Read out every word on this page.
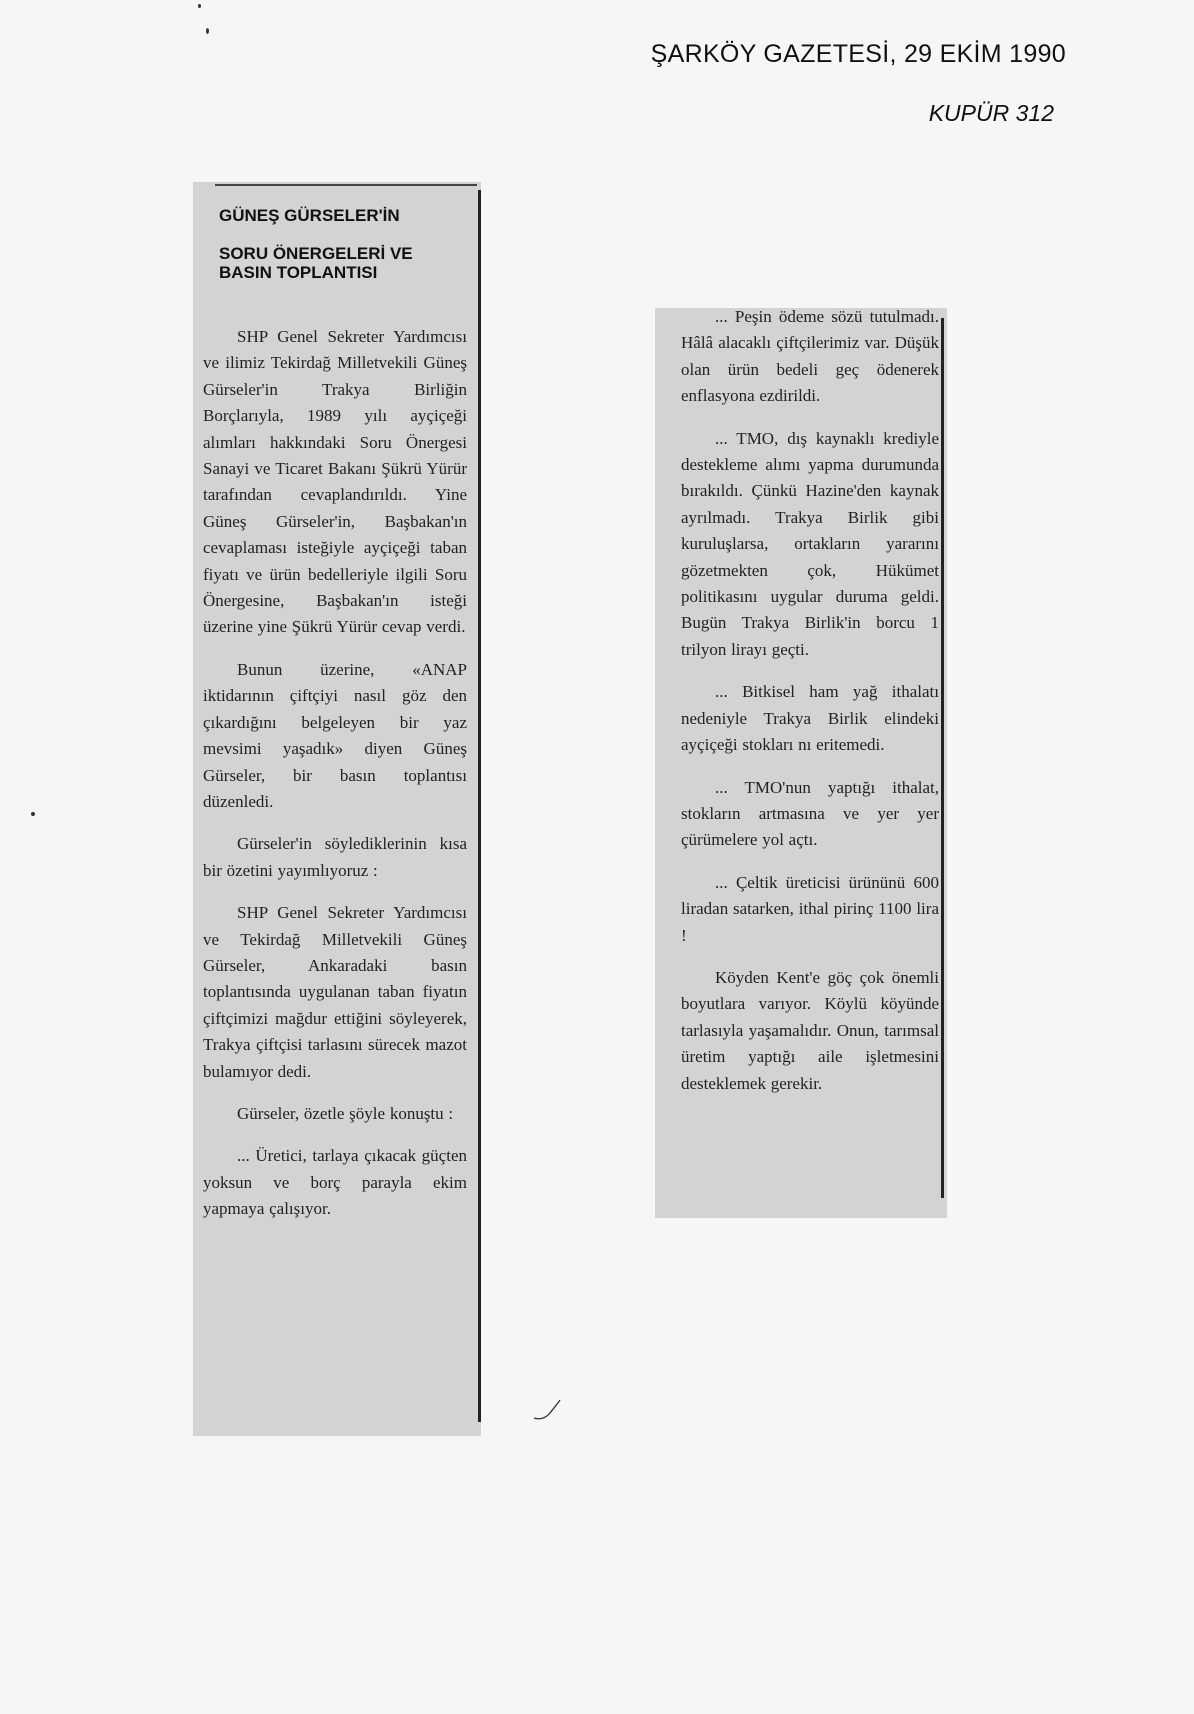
ŞARKÖY GAZETESİ, 29 EKİM 1990
KUPÜR 312
GÜNEŞ GÜRSELER'İN
SORU ÖNERGELERİ VE
BASIN TOPLANTISI

SHP Genel Sekreter Yardımcısı ve ilimiz Tekirdağ Milletvekili Güneş Gürseler'in Trakya Birliğin Borçlarıyla, 1989 yılı ayçiçeği alımları hakkındaki Soru Önergesi Sanayi ve Ticaret Bakanı Şükrü Yürür tarafından cevaplandırıldı. Yine Güneş Gürseler'in, Başbakan'ın cevaplaması isteğiyle ayçiçeği taban fiyatı ve ürün bedelleriyle ilgili Soru Önergesine, Başbakan'ın isteği üzerine yine Şükrü Yürür cevap verdi.

Bunun üzerine, «ANAP iktidarının çiftçiyi nasıl göz den çıkardığını belgeleyen bir yaz mevsimi yaşadık» diyen Güneş Gürseler, bir basın toplantısı düzenledi.

Gürseler'in söylediklerinin kısa bir özetini yayımlıyoruz :

SHP Genel Sekreter Yardımcısı ve Tekirdağ Milletvekili Güneş Gürseler, Ankaradaki basın toplantısında uygulanan taban fiyatın çiftçimizi mağdur ettiğini söyleyerek, Trakya çiftçisi tarlasını sürecek mazot bulamıyor dedi.

Gürseler, özetle şöyle konuştu :

... Üretici, tarlaya çıkacak güçten yoksun ve borç parayla ekim yapmaya çalışıyor.

... Peşin ödeme sözü tutulmadı. Hâlâ alacaklı çiftçilerimiz var. Düşük olan ürün bedeli geç ödenerek enflasyona ezdirildi.

... TMO, dış kaynaklı krediyle destekleme alımı yapma durumunda bırakıldı. Çünkü Hazine'den kaynak ayrılmadı. Trakya Birlik gibi kuruluşlarsa, ortakların yararını gözetmekten çok, Hükümet politikasını uygular duruma geldi. Bugün Trakya Birlik'in borcu 1 trilyon lirayı geçti.

... Bitkisel ham yağ ithalatı nedeniyle Trakya Birlik elindeki ayçiçeği stokları nı eritemedi.

... TMO'nun yaptığı ithalat, stokların artmasına ve yer yer çürümelere yol açtı.

... Çeltik üreticisi ürününü 600 liradan satarken, ithal pirinç 1100 lira !

Köyden Kent'e göç çok önemli boyutlara varıyor. Köylü köyünde tarlasıyla yaşamalıdır. Onun, tarımsal üretim yaptığı aile işletmesini desteklemek gerekir.
